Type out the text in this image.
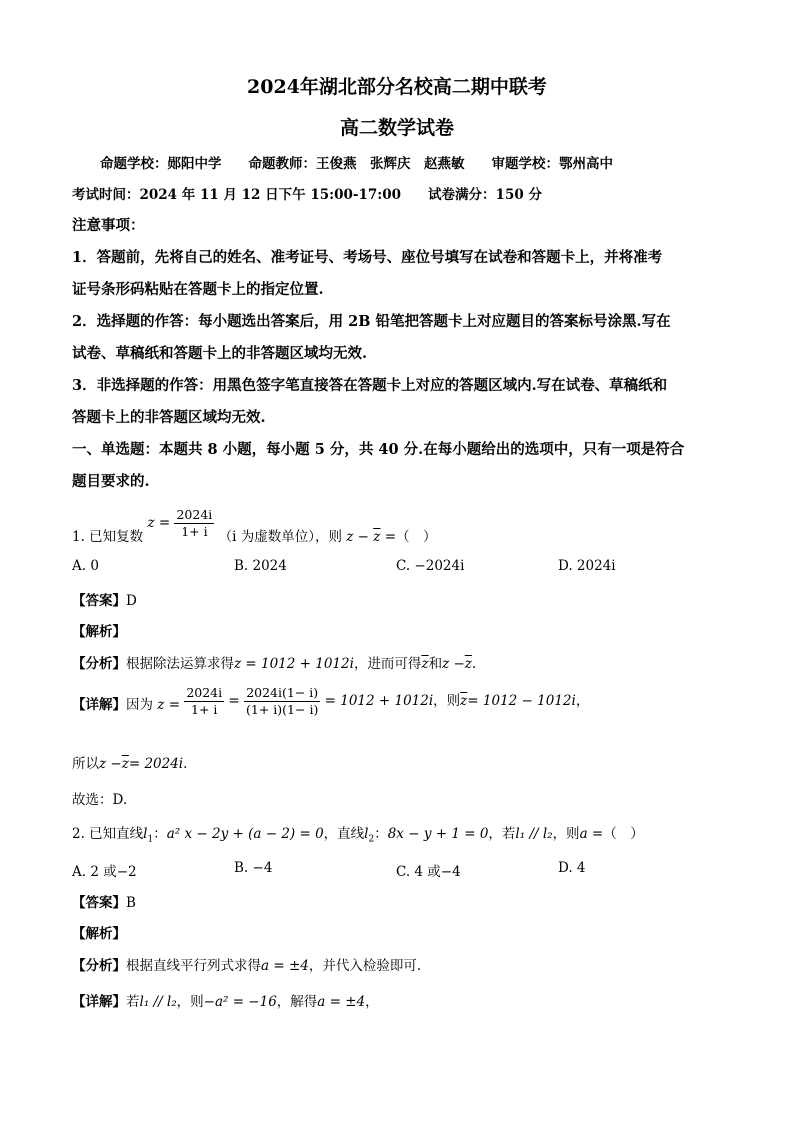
2024年湖北部分名校高二期中联考
高二数学试卷
命题学校：郧阳中学　　命题教师：王俊燕　张辉庆　赵燕敏　　审题学校：鄂州高中
考试时间：2024 年 11 月 12 日下午 15:00-17:00　　试卷满分：150 分
注意事项：
1．答题前，先将自己的姓名、准考证号、考场号、座位号填写在试卷和答题卡上，并将准考
证号条形码粘贴在答题卡上的指定位置.
2．选择题的作答：每小题选出答案后，用 2B 铅笔把答题卡上对应题目的答案标号涂黑.写在
试卷、草稿纸和答题卡上的非答题区域均无效.
3．非选择题的作答：用黑色签字笔直接答在答题卡上对应的答题区域内.写在试卷、草稿纸和
答题卡上的非答题区域均无效.
一、单选题：本题共 8 小题，每小题 5 分，共 40 分.在每小题给出的选项中，只有一项是符合
题目要求的.
1. 已知复数 $z = \frac{2024i}{1+ i} (i$ 为虚数单位），则 $z - \overline{z}$ =（　）
A. 0	B. 2024	C. −2024i	D. 2024i
【答案】D
【解析】
【分析】根据除法运算求得z = 1012 + 1012i，进而可得$\overline{z}$和$z -\overline{z}$.
【详解】因为 $z = \frac{2024i}{1+ i} = \frac{2024i(1- i)}{(1+ i)(1- i)} = 1012 + 1012i$，则$\overline{z}= 1012 - 1012i$，
所以$z -\overline{z}= 2024i$.
故选：D.
2. 已知直线$l_1$：a² x − 2y + (a − 2) = 0，直线$l_2$：8x − y + 1 = 0，若l₁ // l₂，则a =（　）
A. 2 或−2	B. −4	C. 4 或−4	D. 4
【答案】B
【解析】
【分析】根据直线平行列式求得a = ±4，并代入检验即可.
【详解】若l₁ // l₂，则−a² = −16，解得a = ±4，
